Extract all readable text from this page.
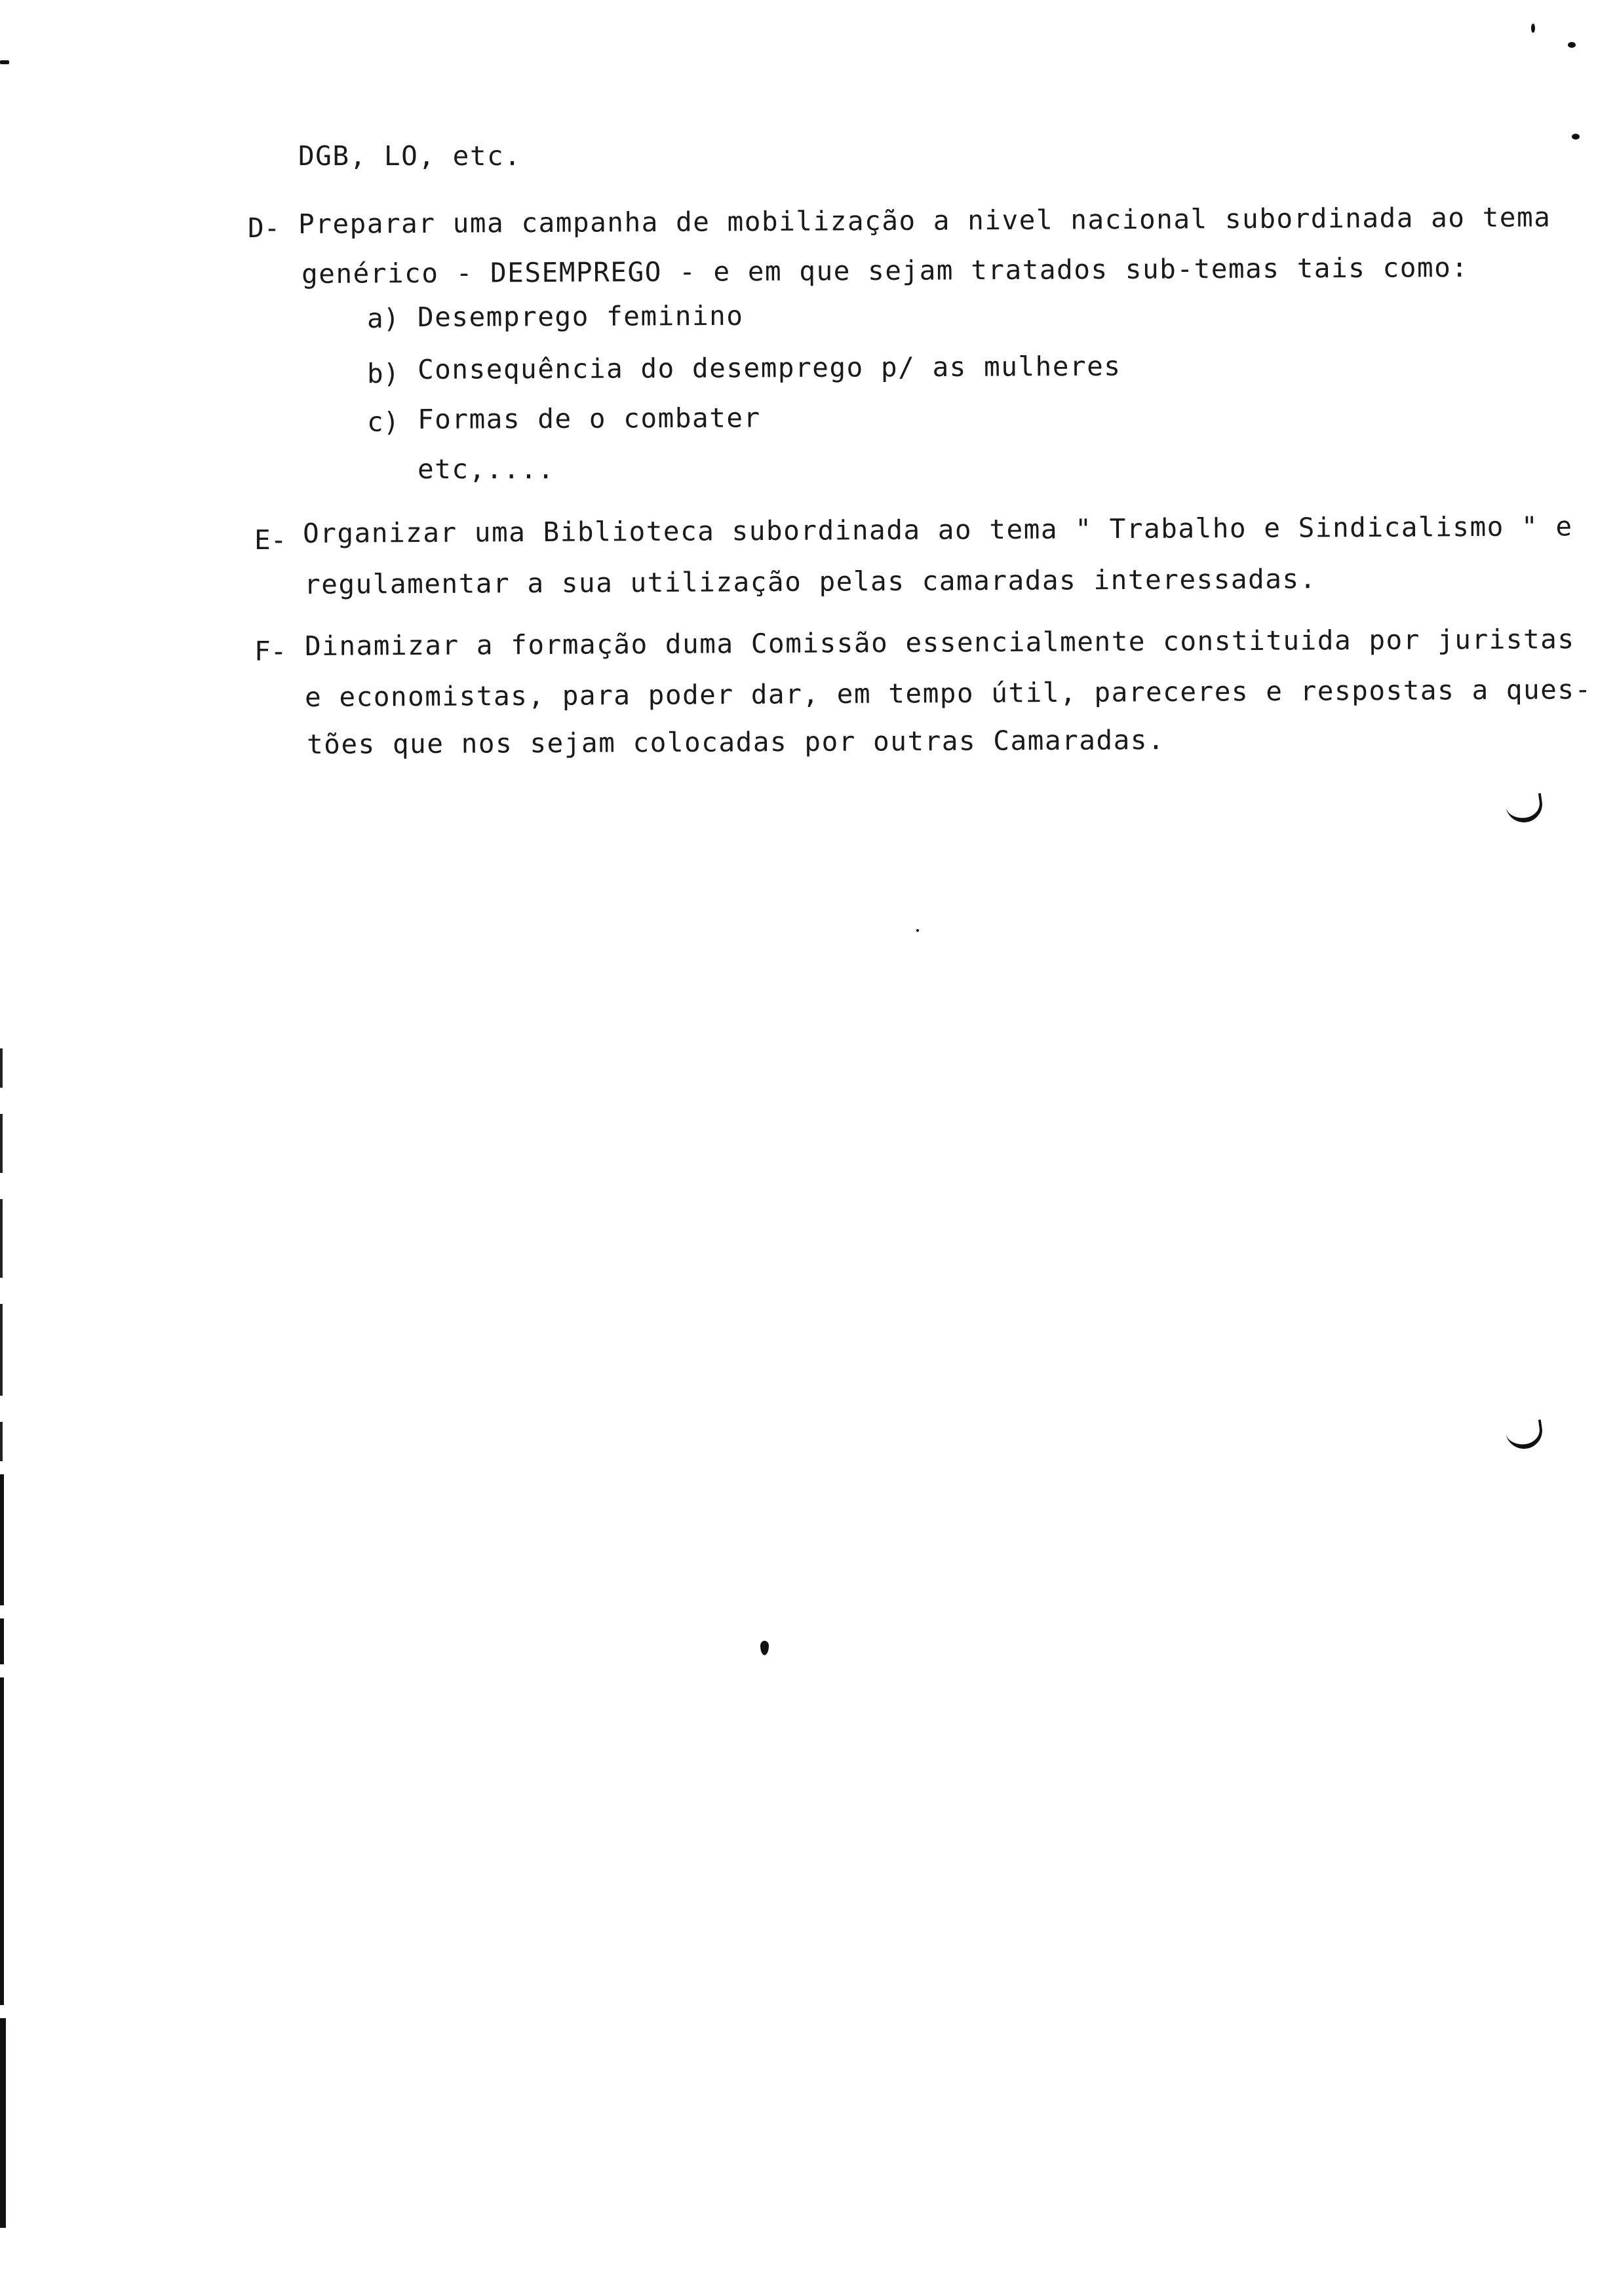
DGB, LO, etc.
D- Preparar uma campanha de mobilização a nivel nacional subordinada ao tema
genérico - DESEMPREGO - e em que sejam tratados sub-temas tais como:
a) Desemprego feminino
b) Consequência do desemprego p/ as mulheres
c) Formas de o combater
etc,....
E- Organizar uma Biblioteca subordinada ao tema " Trabalho e Sindicalismo " e
regulamentar a sua utilização pelas camaradas interessadas.
F- Dinamizar a formação duma Comissão essencialmente constituida por juristas
e economistas, para poder dar, em tempo útil, pareceres e respostas a ques-
tões que nos sejam colocadas por outras Camaradas.
